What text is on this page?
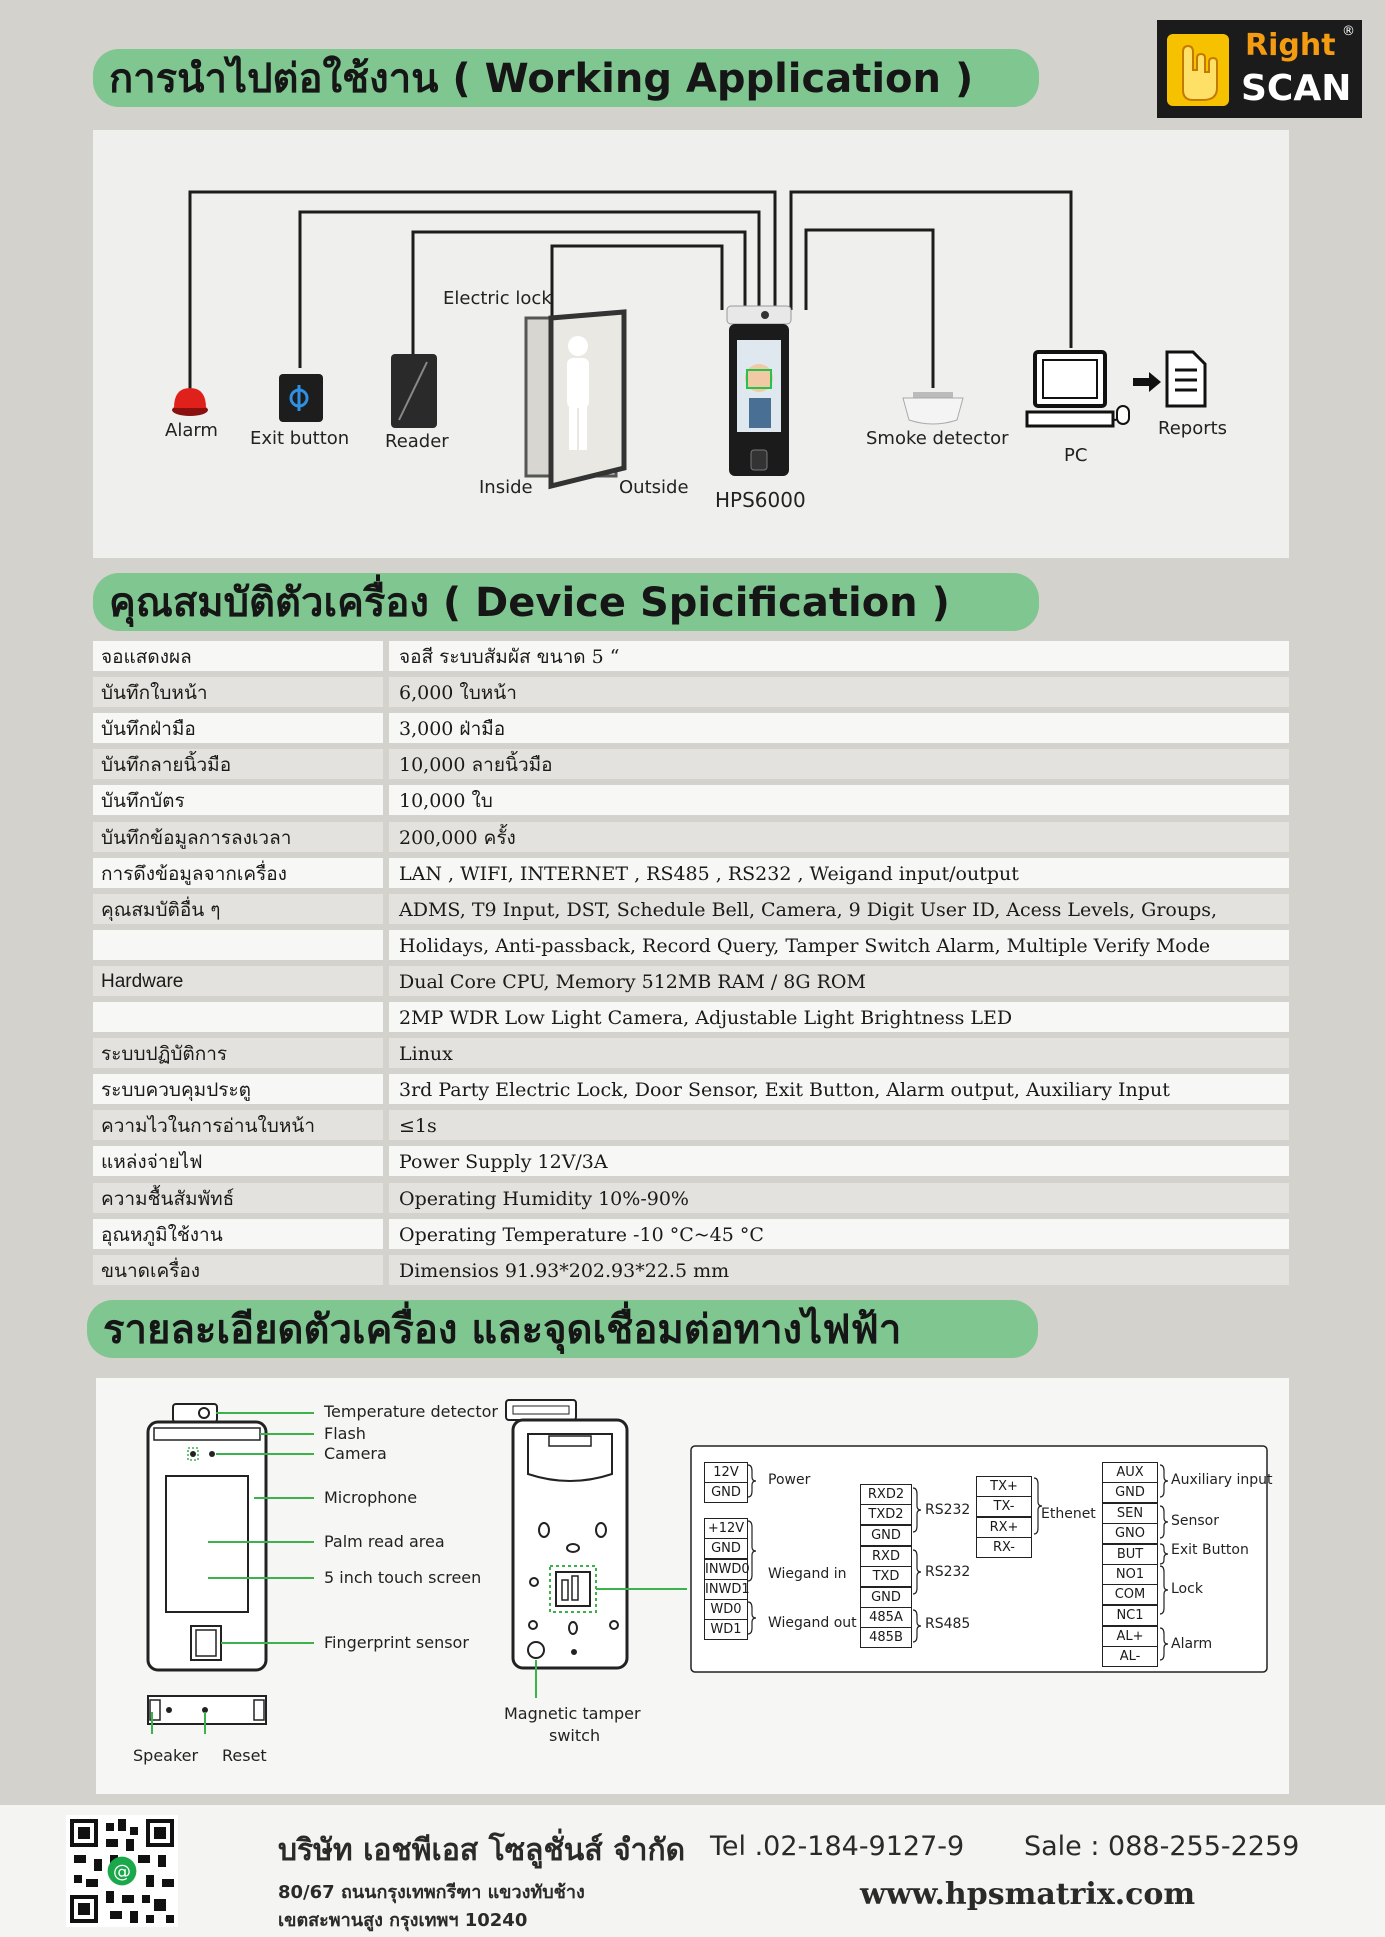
Right ®
SCAN
การนำไปต่อใช้งาน ( Working Application )
Alarm Exit button Reader
Electric lock
Inside	Outside
HPS6000
Smoke detector
PC
Reports
คุณสมบัติตัวเครื่อง ( Device Spicification )
จอแสดงผล	จอสี ระบบสัมผัส ขนาด 5 “
บันทึกใบหน้า	6,000 ใบหน้า
บันทึกฝ่ามือ	3,000 ฝ่ามือ
บันทึกลายนิ้วมือ	10,000 ลายนิ้วมือ
บันทึกบัตร	10,000 ใบ
บันทึกข้อมูลการลงเวลา	200,000 ครั้ง
การดึงข้อมูลจากเครื่อง	LAN , WIFI, INTERNET , RS485 , RS232 , Weigand input/output
คุณสมบัติอื่น ๆ	ADMS, T9 Input, DST, Schedule Bell, Camera, 9 Digit User ID, Acess Levels, Groups,
Holidays, Anti-passback, Record Query, Tamper Switch Alarm, Multiple Verify Mode
Hardware	Dual Core CPU, Memory 512MB RAM / 8G ROM
2MP WDR Low Light Camera, Adjustable Light Brightness LED
ระบบปฏิบัติการ	Linux
ระบบควบคุมประตู	3rd Party Electric Lock, Door Sensor, Exit Button, Alarm output, Auxiliary Input
ความไวในการอ่านใบหน้า	≤1s
แหล่งจ่ายไฟ	Power Supply 12V/3A
ความชื้นสัมพัทธ์	Operating Humidity 10%-90%
อุณหภูมิใช้งาน	Operating Temperature -10 °C~45 °C
ขนาดเครื่อง	Dimensios 91.93*202.93*22.5 mm
รายละเอียดตัวเครื่อง และจุดเชื่อมต่อทางไฟฟ้า
Temperature detector
Flash
Camera
Microphone
Palm read area
5 inch touch screen
Fingerprint sensor
Speaker Reset
Magnetic tamper
switch
12V
GND
Power
+12V
GND
INWD0
INWD1
Wiegand in
WD0
WD1	Wiegand out
RXD2
TXD2
GND
RS232
RXD
TXD
GND
RS232
485A
485B
RS485
TX+
TX-
RX+
RX-
Ethenet
AUX
GND
Auxiliary input
SEN
GNO
Sensor
BUT	Exit Button
NO1
COM
NC1
Lock
AL+
AL-
Alarm
@
บริษัท เอชพีเอส โซลูชั่นส์ จำกัด Tel .02-184-9127-9 Sale : 088-255-2259
80/67 ถนนกรุงเทพกรีฑา แขวงทับช้าง
เขตสะพานสูง กรุงเทพฯ 10240
www.hpsmatrix.com
